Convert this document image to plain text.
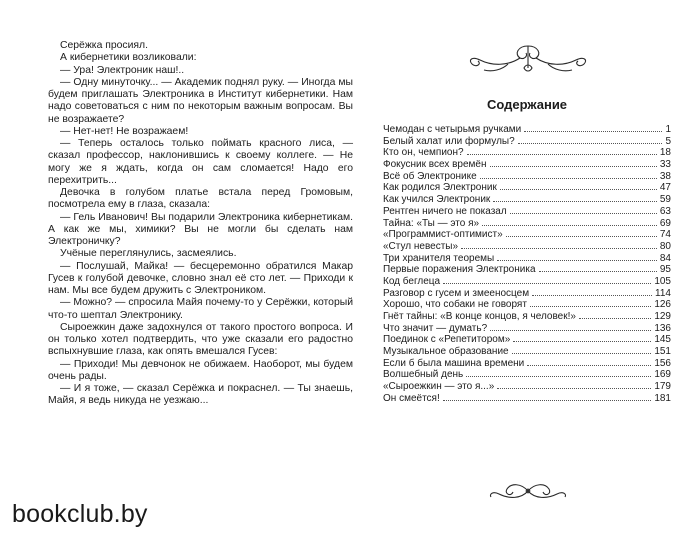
Серёжка просиял.

А кибернетики возликовали:

— Ура! Электроник наш!..

— Одну минуточку... — Академик поднял руку. — Иногда мы будем приглашать Электроника в Институт кибернетики. Нам надо советоваться с ним по некоторым важным вопросам. Вы не возражаете?

— Нет-нет! Не возражаем!

— Теперь осталось только поймать красного лиса, — сказал профессор, наклонившись к своему коллеге. — Не могу же я ждать, когда он сам сломается! Надо его перехитрить...

Девочка в голубом платье встала перед Громовым, посмотрела ему в глаза, сказала:

— Гель Иванович! Вы подарили Электроника кибернетикам. А как же мы, химики? Вы не могли бы сделать нам Электроничку?

Учёные переглянулись, засмеялись.

— Послушай, Майка! — бесцеремонно обратился Макар Гусев к голубой девочке, словно знал её сто лет. — Приходи к нам. Мы все будем дружить с Электроником.

— Можно? — спросила Майя почему-то у Серёжки, который что-то шептал Электронику.

Сыроежкин даже задохнулся от такого простого вопроса. И он только хотел подтвердить, что уже сказали его радостно вспыхнувшие глаза, как опять вмешался Гусев:

— Приходи! Мы девчонок не обижаем. Наоборот, мы будем очень рады.

— И я тоже, — сказал Серёжка и покраснел. — Ты знаешь, Майя, я ведь никуда не уезжаю...

Содержание
Чемодан с четырьмя ручками	1
Белый халат или формулы?	5
Кто он, чемпион?	18
Фокусник всех времён	33
Всё об Электронике	38
Как родился Электроник	47
Как учился Электроник	59
Рентген ничего не показал	63
Тайна: «Ты — это я»	69
«Программист-оптимист»	74
«Стул невесты»	80
Три хранителя теоремы	84
Первые поражения Электроника	95
Код беглеца	105
Разговор с гусем и змееносцем	114
Хорошо, что собаки не говорят	126
Гнёт тайны: «В конце концов, я человек!»	129
Что значит — думать?	136
Поединок с «Репетитором»	145
Музыкальное образование	151
Если б была машина времени	156
Волшебный день	169
«Сыроежкин — это я...»	179
Он смеётся!	181
bookclub.by
